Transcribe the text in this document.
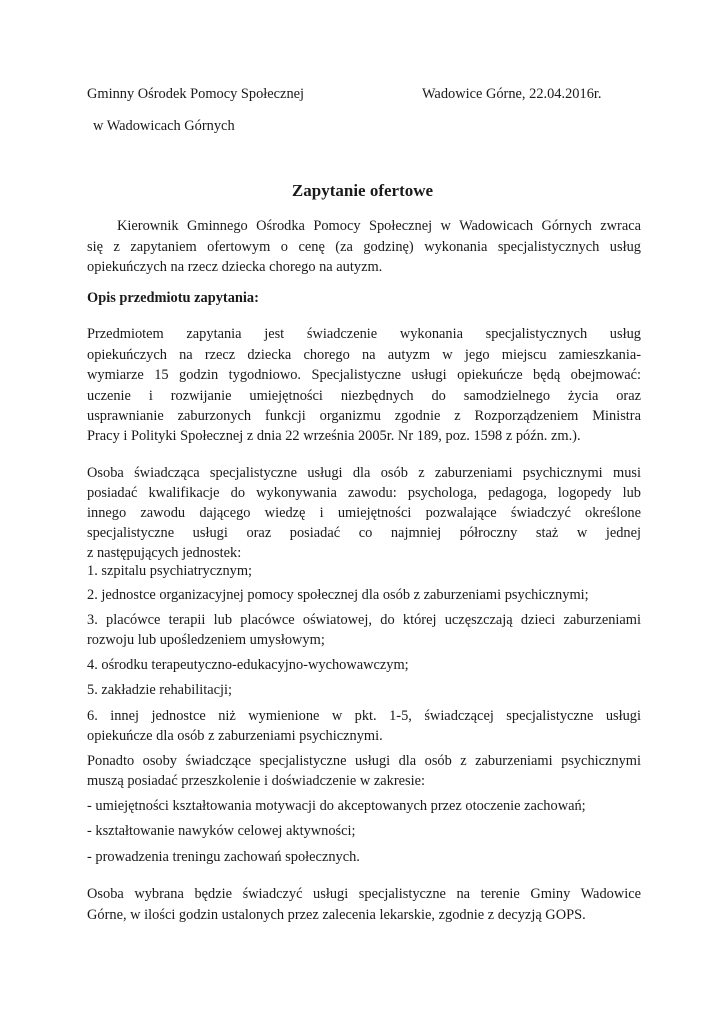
Gminny Ośrodek Pomocy Społecznej	Wadowice Górne, 22.04.2016r.
w Wadowicach Górnych
Zapytanie ofertowe
Kierownik Gminnego Ośrodka Pomocy Społecznej w Wadowicach Górnych zwraca
się z zapytaniem ofertowym o cenę (za godzinę) wykonania specjalistycznych usług
opiekuńczych na rzecz dziecka chorego na autyzm.
Opis przedmiotu zapytania:
Przedmiotem zapytania jest świadczenie wykonania specjalistycznych usług
opiekuńczych na rzecz dziecka chorego na autyzm w jego miejscu zamieszkania-
wymiarze 15 godzin tygodniowo. Specjalistyczne usługi opiekuńcze będą obejmować:
uczenie i rozwijanie umiejętności niezbędnych do samodzielnego życia oraz
usprawnianie zaburzonych funkcji organizmu zgodnie z Rozporządzeniem Ministra
Pracy i Polityki Społecznej z dnia 22 września 2005r. Nr 189, poz. 1598 z późn. zm.).
Osoba świadcząca specjalistyczne usługi dla osób z zaburzeniami psychicznymi musi
posiadać kwalifikacje do wykonywania zawodu: psychologa, pedagoga, logopedy lub
innego zawodu dającego wiedzę i umiejętności pozwalające świadczyć określone
specjalistyczne usługi oraz posiadać co najmniej półroczny staż w jednej
z następujących jednostek:
1. szpitalu psychiatrycznym;
2. jednostce organizacyjnej pomocy społecznej dla osób z zaburzeniami psychicznymi;
3. placówce terapii lub placówce oświatowej, do której uczęszczają dzieci zaburzeniami
rozwoju lub upośledzeniem umysłowym;
4. ośrodku terapeutyczno-edukacyjno-wychowawczym;
5. zakładzie rehabilitacji;
6. innej jednostce niż wymienione w pkt. 1-5, świadczącej specjalistyczne usługi
opiekuńcze dla osób z zaburzeniami psychicznymi.
Ponadto osoby świadczące specjalistyczne usługi dla osób z zaburzeniami psychicznymi
muszą posiadać przeszkolenie i doświadczenie w zakresie:
- umiejętności kształtowania motywacji do akceptowanych przez otoczenie zachowań;
- kształtowanie nawyków celowej aktywności;
- prowadzenia treningu zachowań społecznych.
Osoba wybrana będzie świadczyć usługi specjalistyczne na terenie Gminy Wadowice
Górne, w ilości godzin ustalonych przez zalecenia lekarskie, zgodnie z decyzją GOPS.
